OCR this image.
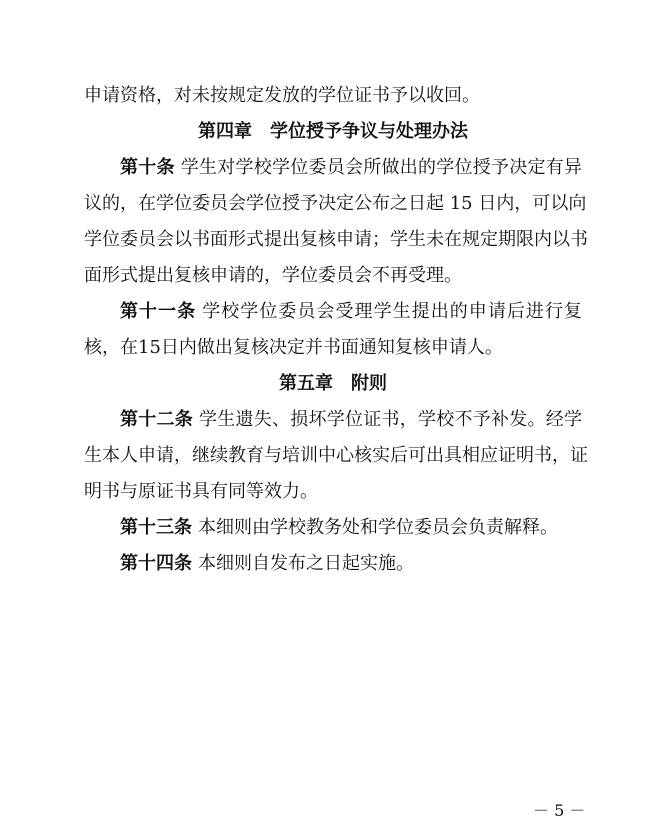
申请资格，对未按规定发放的学位证书予以收回。
第四章 学位授予争议与处理办法
第十条 学生对学校学位委员会所做出的学位授予决定有异
议的，在学位委员会学位授予决定公布之日起 15 日内，可以向
学位委员会以书面形式提出复核申请；学生未在规定期限内以书
面形式提出复核申请的，学位委员会不再受理。
第十一条 学校学位委员会受理学生提出的申请后进行复
核，在15日内做出复核决定并书面通知复核申请人。
第五章 附则
第十二条 学生遗失、损坏学位证书，学校不予补发。经学
生本人申请，继续教育与培训中心核实后可出具相应证明书，证
明书与原证书具有同等效力。
第十三条 本细则由学校教务处和学位委员会负责解释。
第十四条 本细则自发布之日起实施。
－ 5 －
